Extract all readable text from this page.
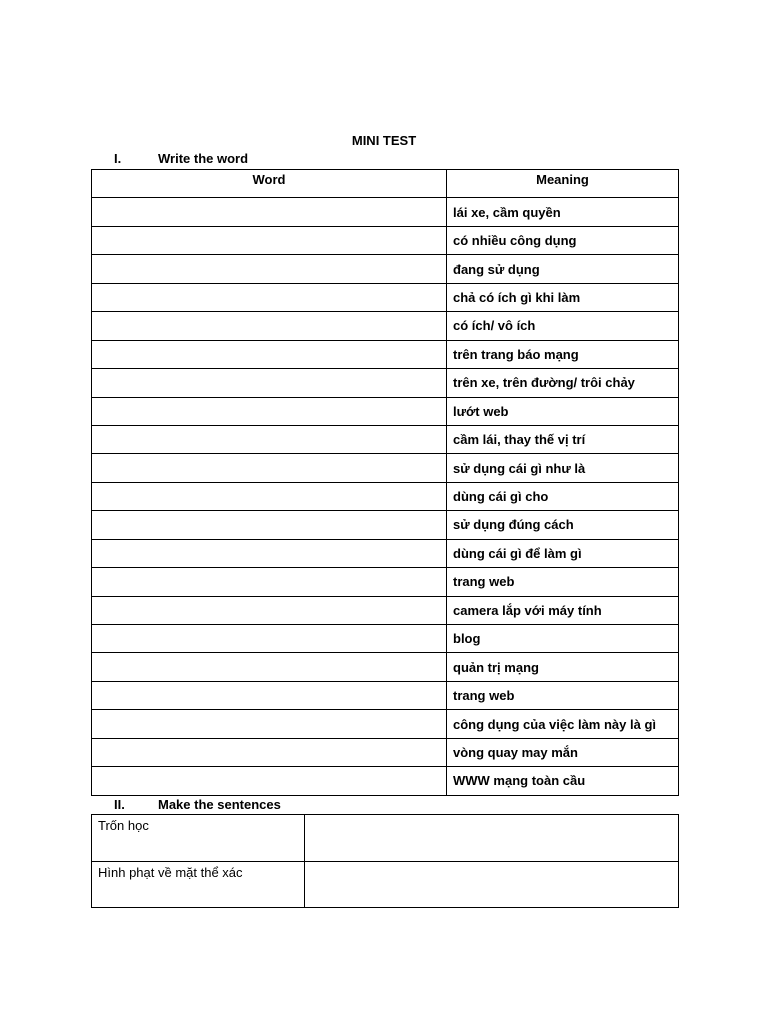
MINI TEST
I.	Write the word
Word	Meaning
	lái xe, cầm quyền
	có nhiều công dụng
	đang sử dụng
	chả có ích gì khi làm
	có ích/ vô ích
	trên trang báo mạng
	trên xe, trên đường/ trôi chảy
	lướt web
	cầm lái, thay thế vị trí
	sử dụng cái gì như là
	dùng cái gì cho
	sử dụng đúng cách
	dùng cái gì để làm gì
	trang web
	camera lắp với máy tính
	blog
	quản trị mạng
	trang web
	công dụng của việc làm này là gì
	vòng quay may mắn
	WWW mạng toàn cầu
II.	Make the sentences
Trốn học	
Hình phạt về mặt thể xác	
